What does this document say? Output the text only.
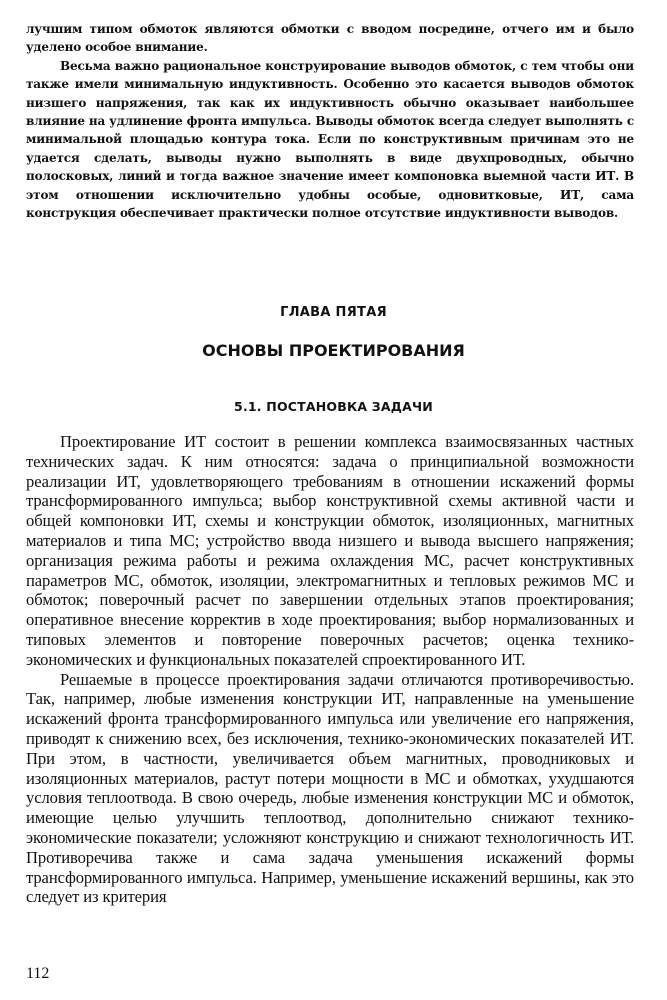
лучшим типом обмоток являются обмотки с вводом посредине, отчего им и было уделено особое внимание.

Весьма важно рациональное конструирование выводов обмоток, с тем чтобы они также имели минимальную индуктивность. Особенно это касается выводов обмоток низшего напряжения, так как их индуктивность обычно оказывает наибольшее влияние на удлинение фронта импульса. Выводы обмоток всегда следует выполнять с минимальной площадью контура тока. Если по конструктивным причинам это не удается сделать, выводы нужно выполнять в виде двухпроводных, обычно полосковых, линий и тогда важное значение имеет компоновка выемной части ИТ. В этом отношении исключительно удобны особые, одновитковые, ИТ, сама конструкция обеспечивает практически полное отсутствие индуктивности выводов.

ГЛАВА ПЯТАЯ
ОСНОВЫ ПРОЕКТИРОВАНИЯ
5.1. ПОСТАНОВКА ЗАДАЧИ

Проектирование ИТ состоит в решении комплекса взаимосвязанных частных технических задач. К ним относятся: задача о принципиальной возможности реализации ИТ, удовлетворяющего требованиям в отношении искажений формы трансформированного импульса; выбор конструктивной схемы активной части и общей компоновки ИТ, схемы и конструкции обмоток, изоляционных, магнитных материалов и типа МС; устройство ввода низшего и вывода высшего напряжения; организация режима работы и режима охлаждения МС, расчет конструктивных параметров МС, обмоток, изоляции, электромагнитных и тепловых режимов МС и обмоток; поверочный расчет по завершении отдельных этапов проектирования; оперативное внесение корректив в ходе проектирования; выбор нормализованных и типовых элементов и повторение поверочных расчетов; оценка технико-экономических и функциональных показателей спроектированного ИТ.

Решаемые в процессе проектирования задачи отличаются противоречивостью. Так, например, любые изменения конструкции ИТ, направленные на уменьшение искажений фронта трансформированного импульса или увеличение его напряжения, приводят к снижению всех, без исключения, технико-экономических показателей ИТ. При этом, в частности, увеличивается объем магнитных, проводниковых и изоляционных материалов, растут потери мощности в МС и обмотках, ухудшаются условия теплоотвода. В свою очередь, любые изменения конструкции МС и обмоток, имеющие целью улучшить теплоотвод, дополнительно снижают технико-экономические показатели; усложняют конструкцию и снижают технологичность ИТ. Противоречива также и сама задача уменьшения искажений формы трансформированного импульса. Например, уменьшение искажений вершины, как это следует из критерия

112
